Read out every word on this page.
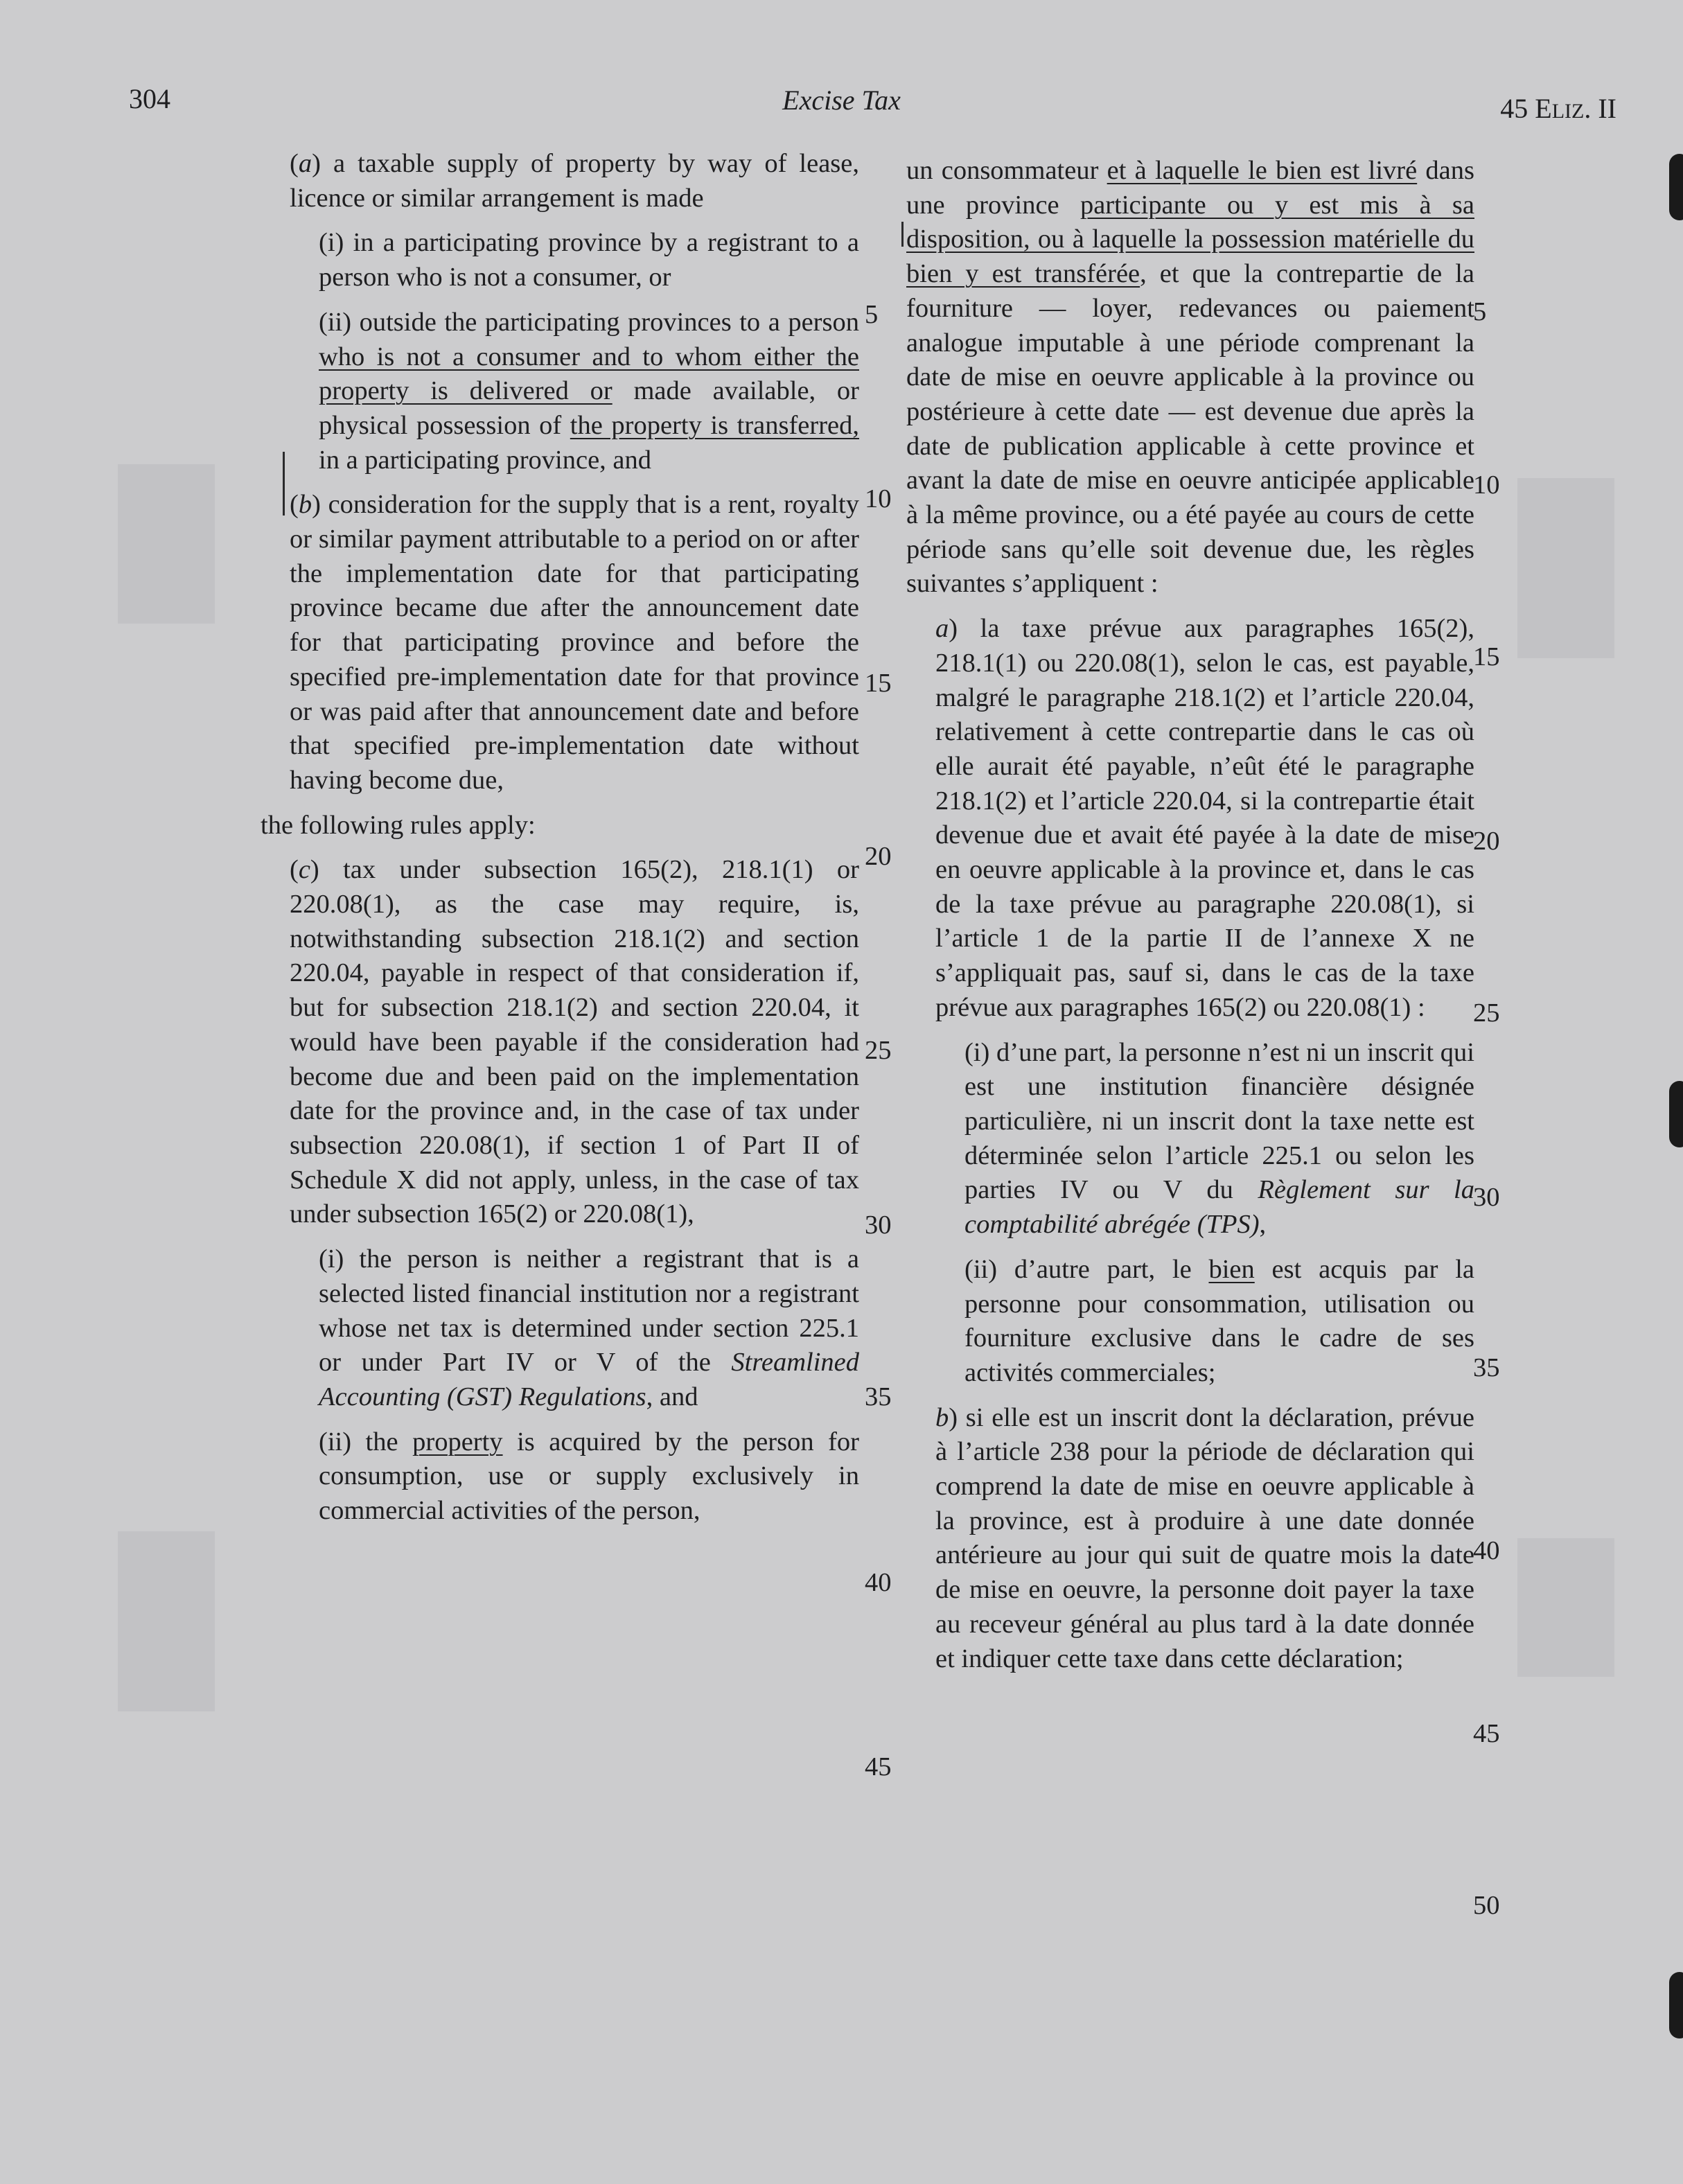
304	Excise Tax	45 ELIZ. II

(a) a taxable supply of property by way of lease, licence or similar arrangement is made

(i) in a participating province by a registrant to a person who is not a consumer, or

(ii) outside the participating provinces to a person who is not a consumer and to whom either the property is delivered or made available, or physical possession of the property is transferred, in a participating province, and

(b) consideration for the supply that is a rent, royalty or similar payment attributable to a period on or after the implementation date for that participating province became due after the announcement date for that participating province and before the specified pre-implementation date for that province or was paid after that announcement date and before that specified pre-implementation date without having become due,

the following rules apply:

(c) tax under subsection 165(2), 218.1(1) or 220.08(1), as the case may require, is, notwithstanding subsection 218.1(2) and section 220.04, payable in respect of that consideration if, but for subsection 218.1(2) and section 220.04, it would have been payable if the consideration had become due and been paid on the implementation date for the province and, in the case of tax under subsection 220.08(1), if section 1 of Part II of Schedule X did not apply, unless, in the case of tax under subsection 165(2) or 220.08(1),

(i) the person is neither a registrant that is a selected listed financial institution nor a registrant whose net tax is determined under section 225.1 or under Part IV or V of the Streamlined Accounting (GST) Regulations, and

(ii) the property is acquired by the person for consumption, use or supply exclusively in commercial activities of the person,

un consommateur et à laquelle le bien est livré dans une province participante ou y est mis à sa disposition, ou à laquelle la possession matérielle du bien y est transférée, et que la contrepartie de la fourniture — loyer, redevances ou paiement analogue imputable à une période comprenant la date de mise en oeuvre applicable à la province ou postérieure à cette date — est devenue due après la date de publication applicable à cette province et avant la date de mise en oeuvre anticipée applicable à la même province, ou a été payée au cours de cette période sans qu’elle soit devenue due, les règles suivantes s’appliquent :

a) la taxe prévue aux paragraphes 165(2), 218.1(1) ou 220.08(1), selon le cas, est payable, malgré le paragraphe 218.1(2) et l’article 220.04, relativement à cette contrepartie dans le cas où elle aurait été payable, n’eût été le paragraphe 218.1(2) et l’article 220.04, si la contrepartie était devenue due et avait été payée à la date de mise en oeuvre applicable à la province et, dans le cas de la taxe prévue au paragraphe 220.08(1), si l’article 1 de la partie II de l’annexe X ne s’appliquait pas, sauf si, dans le cas de la taxe prévue aux paragraphes 165(2) ou 220.08(1) :

(i) d’une part, la personne n’est ni un inscrit qui est une institution financière désignée particulière, ni un inscrit dont la taxe nette est déterminée selon l’article 225.1 ou selon les parties IV ou V du Règlement sur la comptabilité abrégée (TPS),

(ii) d’autre part, le bien est acquis par la personne pour consommation, utilisation ou fourniture exclusive dans le cadre de ses activités commerciales;

b) si elle est un inscrit dont la déclaration, prévue à l’article 238 pour la période de déclaration qui comprend la date de mise en oeuvre applicable à la province, est à produire à une date donnée antérieure au jour qui suit de quatre mois la date de mise en oeuvre, la personne doit payer la taxe au receveur général au plus tard à la date donnée et indiquer cette taxe dans cette déclaration;

5
10
15
20
25
30
35
40
45
5
10
15
20
25
30
35
40
45
50
